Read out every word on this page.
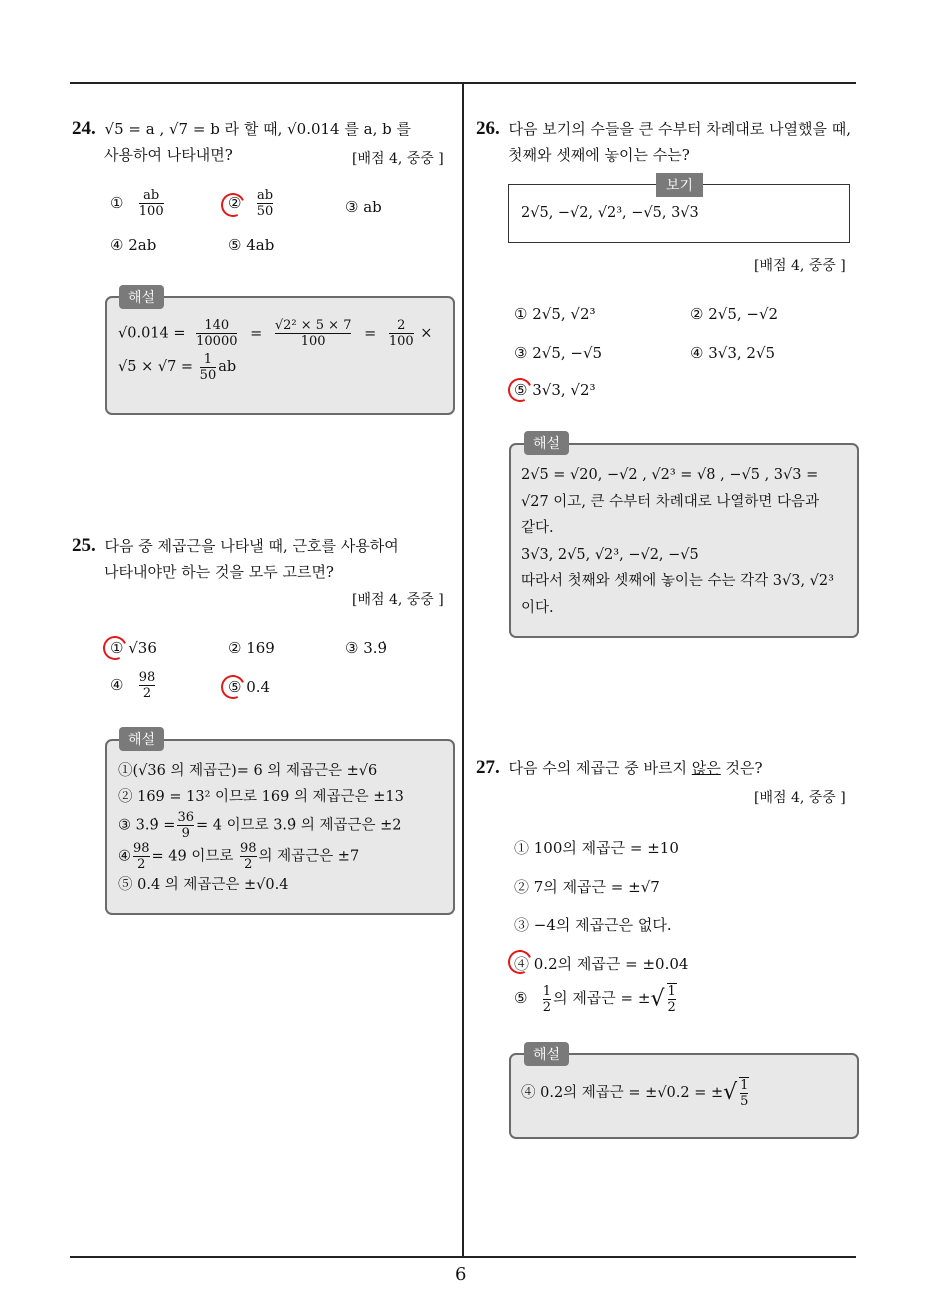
6
24. √5 = a , √7 = b 라 할 때, √0.014 를 a, b 를
사용하여 나타내면?	[배점 4, 중중 ]
① $\frac{ab}{100}$	② $\frac{ab}{50}$	③ ab
④ 2ab	⑤ 4ab
해설
$√0.014 = \frac{140}{10000} = \frac{\text{√2² × 5 × 7}}{100} = \frac{2}{100}$ ×
$√5 \times √7 = \frac{1}{50}$ ab
25. 다음 중 제곱근을 나타낼 때, 근호를 사용하여
나타내야만 하는 것을 모두 고르면?
[배점 4, 중중 ]
① √36	② 169	③ 3.9̇
④ $\frac{98}{2}$	⑤ 0.4
해설
①(√36 의 제곱근)= 6 의 제곱근은 ±√6
② 169 = 13² 이므로 169 의 제곱근은 ±13
③ 3.9̇ = $\frac{36}{9} = 4$ 이므로 3.9̇ 의 제곱근은 ±2
④ $\frac{98}{2} = 49$ 이므로 $\frac{98}{2}$ 의 제곱근은 ±7
⑤ 0.4 의 제곱근은 ±√0.4
26. 다음 보기의 수들을 큰 수부터 차례대로 나열했을 때,
첫째와 셋째에 놓이는 수는?
보기
2√5, −√2, √2³, −√5, 3√3
[배점 4, 중중 ]
① 2√5, √2³	② 2√5, −√2
③ 2√5, −√5	④ 3√3, 2√5
⑤ 3√3, √2³
해설
2√5 = √20, −√2 , √2³ = √8 , −√5 , 3√3 =
√27 이고, 큰 수부터 차례대로 나열하면 다음과
같다.
3√3, 2√5, √2³, −√2, −√5
따라서 첫째와 셋째에 놓이는 수는 각각 3√3, √2³
이다.
27. 다음 수의 제곱근 중 바르지 않은 것은?
[배점 4, 중중 ]
① 100의 제곱근 = ±10
② 7의 제곱근 = ±√7
③ −4의 제곱근은 없다.
④ 0.2의 제곱근 = ±0.04
⑤ $\frac{1}{2}$ 의 제곱근 = ±√ $\frac{1}{2}$
해설
④ 0.2의 제곱근 = ±√0.2 = ±√ $\frac{1}{5}$
